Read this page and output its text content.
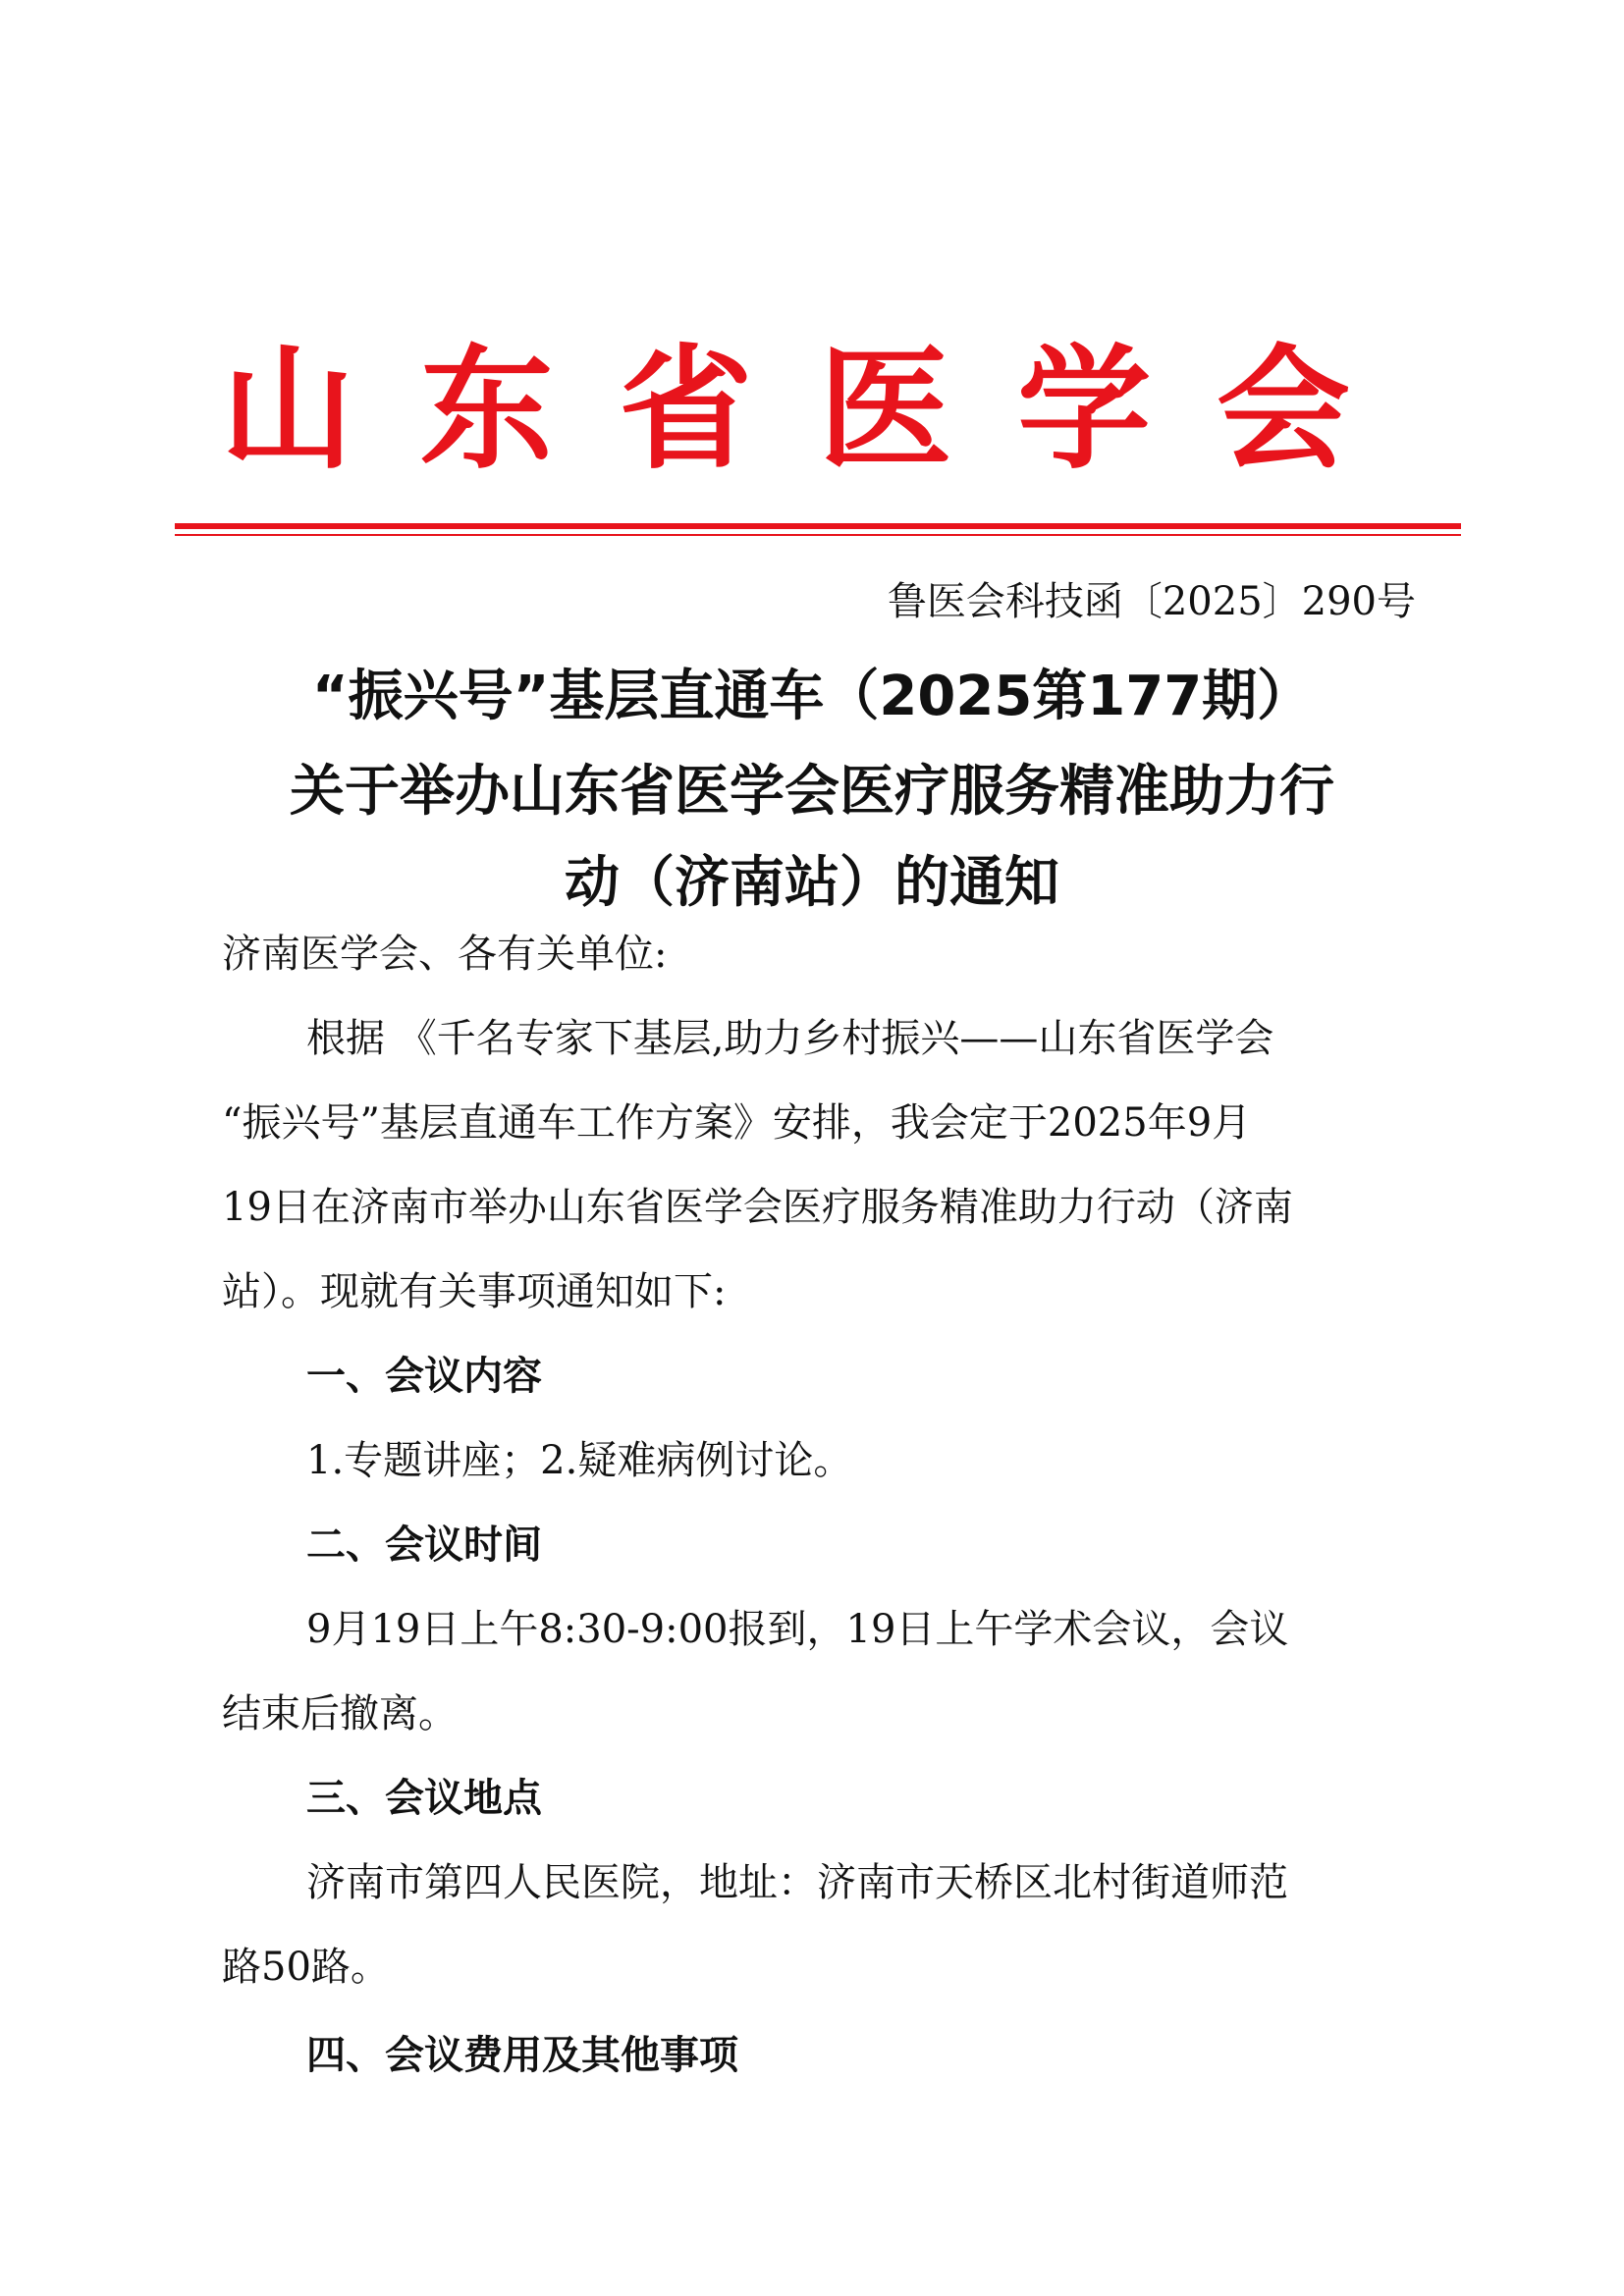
山 东 省 医 学 会
鲁医会科技函〔2025〕290号
“振兴号”基层直通车（2025第177期）
关于举办山东省医学会医疗服务精准助力行
动（济南站）的通知
济南医学会、各有关单位:
根据 《千名专家下基层,助力乡村振兴——山东省医学会
“振兴号”基层直通车工作方案》安排，我会定于2025年9月
19日在济南市举办山东省医学会医疗服务精准助力行动（济南
站）。现就有关事项通知如下:
一、会议内容
1.专题讲座；2.疑难病例讨论。
二、会议时间
9月19日上午8:30-9:00报到，19日上午学术会议，会议
结束后撤离。
三、会议地点
济南市第四人民医院，地址：济南市天桥区北村街道师范
路50路。
四、会议费用及其他事项
